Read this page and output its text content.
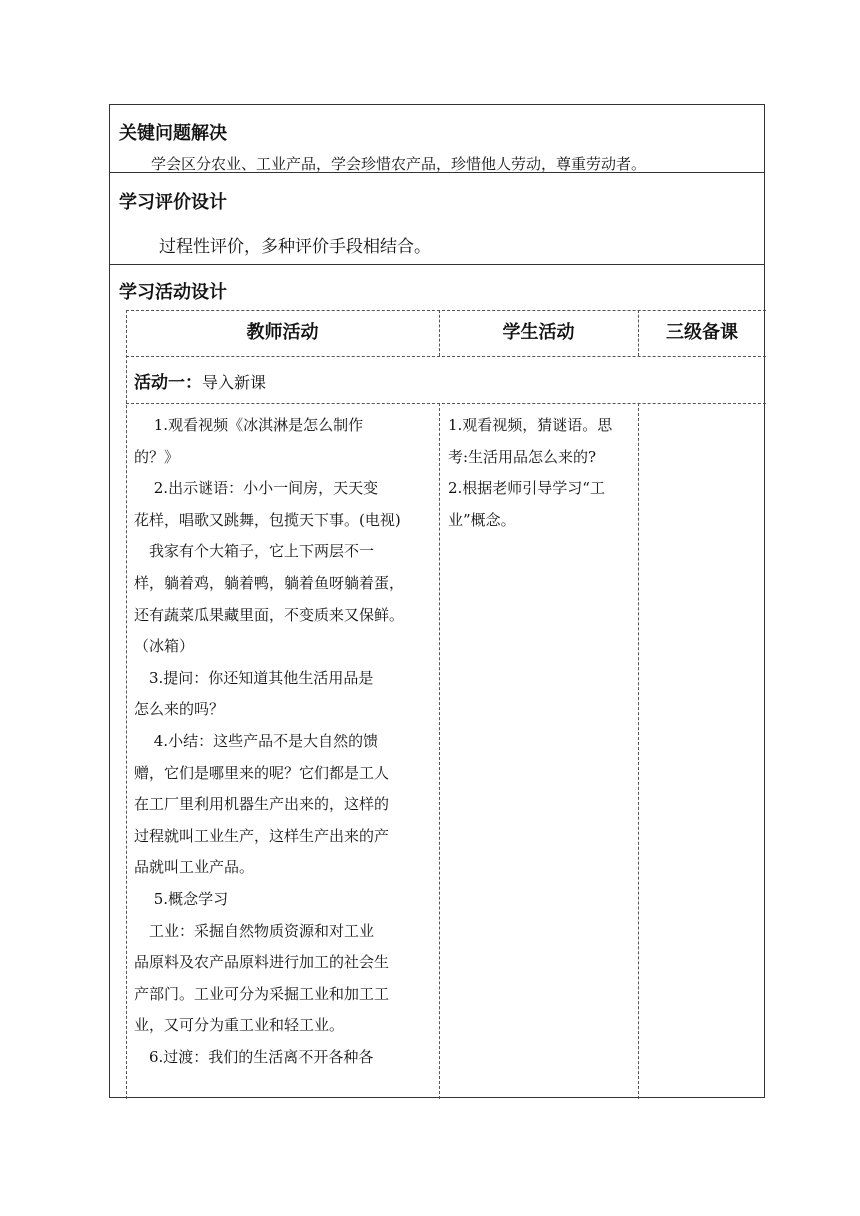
关键问题解决
学会区分农业、工业产品，学会珍惜农产品，珍惜他人劳动，尊重劳动者。
学习评价设计
过程性评价，多种评价手段相结合。
学习活动设计
教师活动	学生活动	三级备课
活动一：导入新课

　 1.观看视频《冰淇淋是怎么制作
的？》
　 2.出示谜语：小小一间房，天天变
花样，唱歌又跳舞，包揽天下事。(电视)
　我家有个大箱子，它上下两层不一
样，躺着鸡，躺着鸭，躺着鱼呀躺着蛋，
还有蔬菜瓜果藏里面，不变质来又保鲜。
（冰箱）
　3.提问：你还知道其他生活用品是
怎么来的吗？
　 4.小结：这些产品不是大自然的馈
赠，它们是哪里来的呢？它们都是工人
在工厂里利用机器生产出来的，这样的
过程就叫工业生产，这样生产出来的产
品就叫工业产品。
　 5.概念学习
　工业：采掘自然物质资源和对工业
品原料及农产品原料进行加工的社会生
产部门。工业可分为采掘工业和加工工
业，又可分为重工业和轻工业。
　6.过渡：我们的生活离不开各种各

1.观看视频，猜谜语。思
考:生活用品怎么来的?
2.根据老师引导学习“工
业”概念。
